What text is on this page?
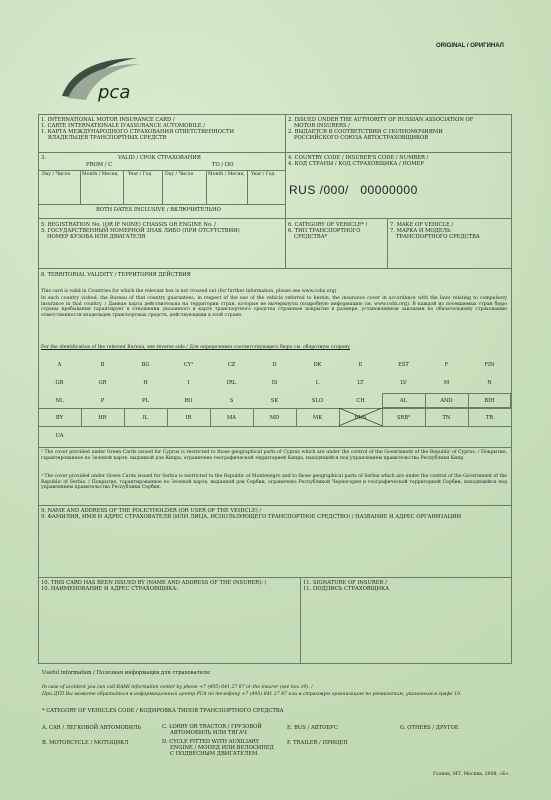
ORIGINAL / ОРИГИНАЛ
pca
1. INTERNATIONAL MOTOR INSURANCE CARD /
1. CARTE INTERNATIONALE D'ASSURANCE AUTOMOBILE /
1. КАРТА МЕЖДУНАРОДНОГО СТРАХОВАНИЯ ОТВЕТСТВЕННОСТИ
ВЛАДЕЛЬЦЕВ ТРАНСПОРТНЫХ СРЕДСТВ
2. ISSUED UNDER THE AUTHORITY OF RUSSIAN ASSOCIATION OF
MOTOR INSURERS /
2. ВЫДАЕТСЯ В СООТВЕТСТВИИ С ПОЛНОМОЧИЯМИ
РОССИЙСКОГО СОЮЗА АВТОСТРАХОВЩИКОВ
3.	VALID / СРОК СТРАХОВАНИЯ
FROM / С	TO / ПО
Day / Число	Month / Месяц Year / Год	Day / Число	Month / Месяц Year / Год
BOTH DATES INCLUSIVE / ВКЛЮЧИТЕЛЬНО
4. COUNTRY CODE / INSURER'S CODE / NUMBER /
4. КОД СТРАНЫ / КОД СТРАХОВЩИКА / НОМЕР
RUS /000/   00000000
5. REGISTRATION No. (OR IF NONE) CHASSIS OR ENGINE No. /
5. ГОСУДАРСТВЕННЫЙ НОМЕРНОЙ ЗНАК ЛИБО (ПРИ ОТСУТСТВИИ)
НОМЕР КУЗОВА ИЛИ ДВИГАТЕЛЯ
6. CATEGORY OF VEHICLE* /
6. ТИП ТРАНСПОРТНОГО
СРЕДСТВА*
7. MAKE OF VEHICLE /
7. МАРКА И МОДЕЛЬ
ТРАНСПОРТНОГО СРЕДСТВА
8. TERRITORIAL VALIDITY / ТЕРРИТОРИЯ ДЕЙСТВИЯ
This card is valid in Countries for which the relevant box is not crossed out (for further information, please see www.cobx.org)
In each country visited, the Bureau of that country guarantees, in respect of the use of the vehicle referred to herein, the insurance cover in accordance with the laws relating to compulsory insurance in that country. / Данная карта действительна на территории стран, которые не вычеркнуты (подробную информацию см. www.cobx.org). В каждой из посещаемых стран бюро страны пребывания гарантирует в отношении указанного в карте транспортного средства страховое покрытие в размере, установленном законами по обязательному страхованию ответственности владельцев транспортных средств, действующими в этой стране.
For the identification of the relevant Bureau, see reverse side / Для определения соответствующего бюро см. оборотную сторону
A	B	BG	CY¹	CZ	D	DK	E	EST	F	FIN
GB	GR	H	I	IRL	IS	L	LT	LV	M	N
NL	P	PL	RO	S	SK	SLO	CH	AL	AND	BIH
BY	HR	IL	IR	MA	MD	MK	RUS	SRB²	TN	TR
UA
¹ The cover provided under Green Cards issued for Cyprus is restricted to those geographical parts of Cyprus which are under the control of the Government of the Republic of Cyprus. / Покрытие, гарантированное по Зеленой карте, выданной для Кипра, ограничено географической территорией Кипра, находящейся под управлением правительства Республики Кипр.
² The cover provided under Green Cards issued for Serbia is restricted to the Republic of Montenegro and to those geographical parts of Serbia which are under the control of the Government of the Republic of Serbia. / Покрытие, гарантированное по Зеленой карте, выданной для Сербии, ограничено Республикой Черногория и географической территорией Сербии, находящейся под управлением правительства Республики Сербия.
9. NAME AND ADDRESS OF THE POLICYHOLDER (OR USER OF THE VEHICLE) /
9. ФАМИЛИЯ, ИМЯ И АДРЕС СТРАХОВАТЕЛЯ (ИЛИ ЛИЦА, ИСПОЛЬЗУЮЩЕГО ТРАНСПОРТНОЕ СРЕДСТВО) / НАЗВАНИЕ И АДРЕС ОРГАНИЗАЦИИ
10. THIS CARD HAS BEEN ISSUED BY (NAME AND ADDRESS OF THE INSURER): /
10. НАИМЕНОВАНИЕ И АДРЕС СТРАХОВЩИКА:
11. SIGNATURE OF INSURER /
11. ПОДПИСЬ СТРАХОВЩИКА
Useful information / Полезная информация для страхователя:
In case of accident you can call RAMI information center by phone +7 (495) 641 27 87 or the insurer (see box 10). /
При ДТП Вы можете обратиться в информационный центр РСА по телефону +7 (495) 641 27 87 или в страховую организацию по реквизитам, указанным в графе 10.
* CATEGORY OF VEHICLES CODE / КОДИРОВКА ТИПОВ ТРАНСПОРТНОГО СРЕДСТВА
A. CAR / ЛЕГКОВОЙ АВТОМОБИЛЬ
B. MOTORCYCLE / МОТОЦИКЛ
C. LORRY OR TRACTOR / ГРУЗОВОЙ
АВТОМОБИЛЬ ИЛИ ТЯГАЧ
D. CYCLE FITTED WITH AUXILIARY
ENGINE / МОПЕД ИЛИ ВЕЛОСИПЕД
С ПОДВЕСНЫМ ДВИГАТЕЛЕМ
E. BUS / АВТОБУС
F. TRAILER / ПРИЦЕП
G. OTHERS / ДРУГОЕ
Гознак, МТ, Москва, 2008, «Б».
